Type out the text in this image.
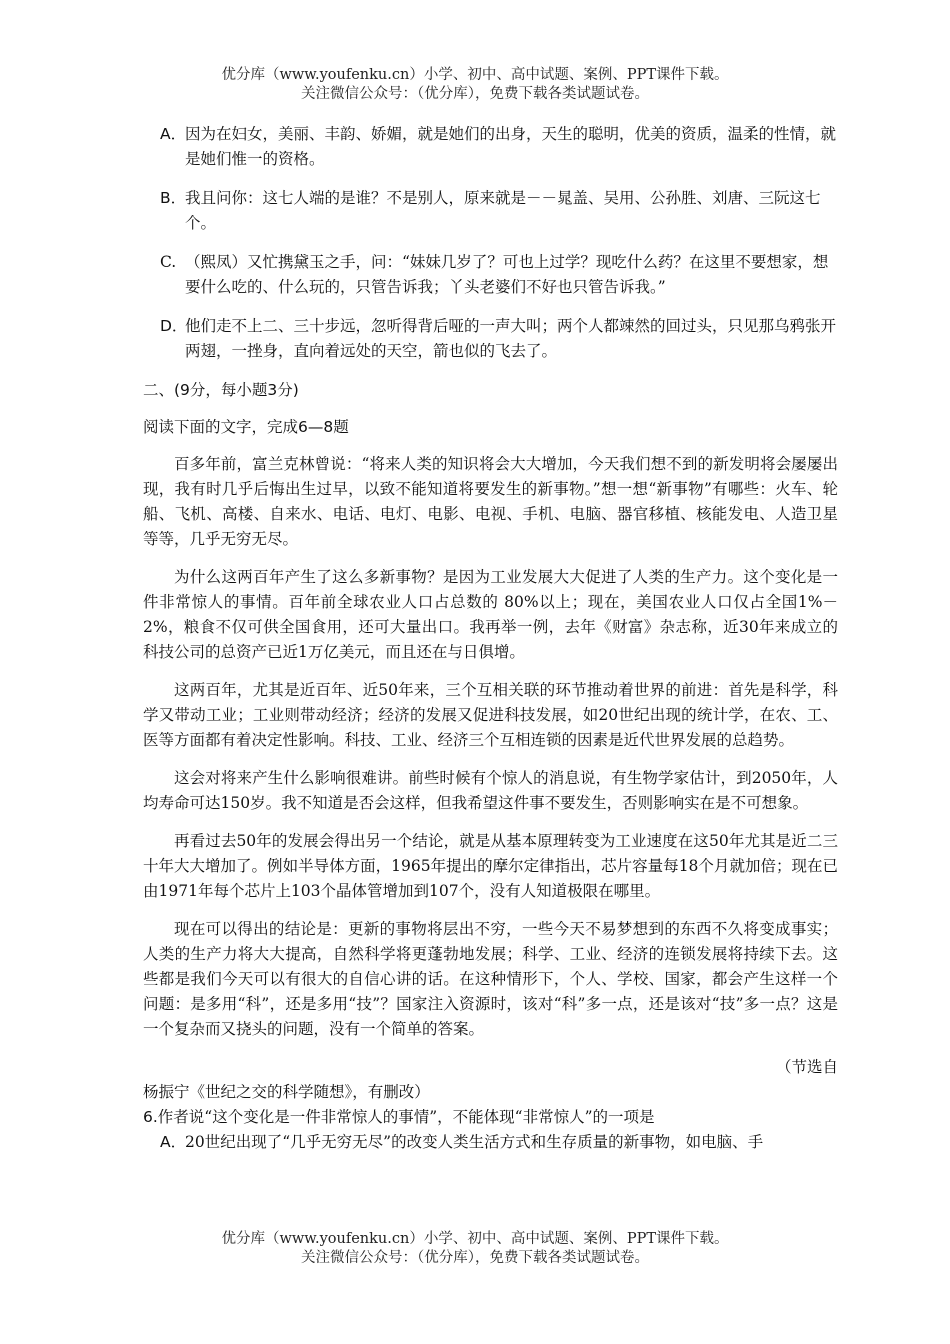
优分库（www.youfenku.cn）小学、初中、高中试题、案例、PPT课件下载。
关注微信公众号：（优分库），免费下载各类试题试卷。
A．
因为在妇女，美丽、丰韵、娇媚，就是她们的出身，天生的聪明，优美的资质，温柔的性情，就是她们惟一的资格。
B．
我且问你：这七人端的是谁？不是别人，原来就是－－晁盖、吴用、公孙胜、刘唐、三阮这七个。
C. （熙凤）又忙携黛玉之手，问：“妹妹几岁了？可也上过学？现吃什么药？在这里不要想家，想要什么吃的、什么玩的，只管告诉我；丫头老婆们不好也只管告诉我。”
D．
他们走不上二、三十步远，忽听得背后哑的一声大叫；两个人都竦然的回过头，只见那乌鸦张开两翅，一挫身，直向着远处的天空，箭也似的飞去了。

二、(9分，每小题3分)

阅读下面的文字，完成6—8题

百多年前，富兰克林曾说：“将来人类的知识将会大大增加，今天我们想不到的新发明将会屡屡出现，我有时几乎后悔出生过早，以致不能知道将要发生的新事物。”想一想“新事物”有哪些：火车、轮船、飞机、高楼、自来水、电话、电灯、电影、电视、手机、电脑、器官移植、核能发电、人造卫星等等，几乎无穷无尽。

为什么这两百年产生了这么多新事物？是因为工业发展大大促进了人类的生产力。这个变化是一件非常惊人的事情。百年前全球农业人口占总数的 80%以上；现在，美国农业人口仅占全国1%－2%，粮食不仅可供全国食用，还可大量出口。我再举一例，去年《财富》杂志称，近30年来成立的科技公司的总资产已近1万亿美元，而且还在与日俱增。

这两百年，尤其是近百年、近50年来，三个互相关联的环节推动着世界的前进：首先是科学，科学又带动工业；工业则带动经济；经济的发展又促进科技发展，如20世纪出现的统计学，在农、工、医等方面都有着决定性影响。科技、工业、经济三个互相连锁的因素是近代世界发展的总趋势。

这会对将来产生什么影响很难讲。前些时候有个惊人的消息说，有生物学家估计，到2050年，人均寿命可达150岁。我不知道是否会这样，但我希望这件事不要发生，否则影响实在是不可想象。

再看过去50年的发展会得出另一个结论，就是从基本原理转变为工业速度在这50年尤其是近二三十年大大增加了。例如半导体方面，1965年提出的摩尔定律指出，芯片容量每18个月就加倍；现在已由1971年每个芯片上103个晶体管增加到107个，没有人知道极限在哪里。

现在可以得出的结论是：更新的事物将层出不穷，一些今天不易梦想到的东西不久将变成事实；人类的生产力将大大提高，自然科学将更蓬勃地发展；科学、工业、经济的连锁发展将持续下去。这些都是我们今天可以有很大的自信心讲的话。在这种情形下，个人、学校、国家，都会产生这样一个问题：是多用“科”，还是多用“技”？国家注入资源时，该对“科”多一点，还是该对“技”多一点？这是一个复杂而又挠头的问题，没有一个简单的答案。

（节选自

杨振宁《世纪之交的科学随想》，有删改）

6.作者说“这个变化是一件非常惊人的事情”，不能体现“非常惊人”的一项是

A．
20世纪出现了“几乎无穷无尽”的改变人类生活方式和生存质量的新事物，如电脑、手
优分库（www.youfenku.cn）小学、初中、高中试题、案例、PPT课件下载。
关注微信公众号：（优分库），免费下载各类试题试卷。
